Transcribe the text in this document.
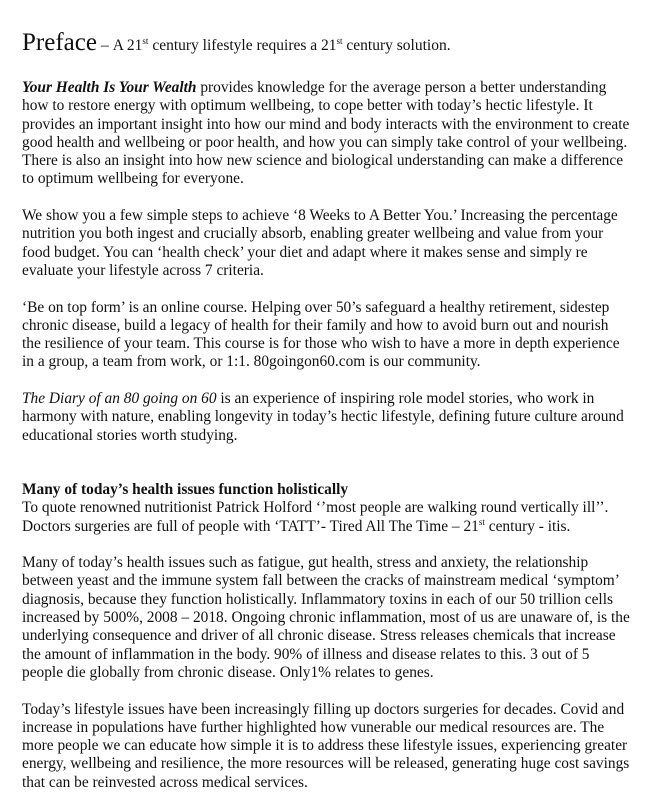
Preface – A 21st century lifestyle requires a 21st century solution.

Your Health Is Your Wealth provides knowledge for the average person a better understanding how to restore energy with optimum wellbeing, to cope better with today’s hectic lifestyle. It provides an important insight into how our mind and body interacts with the environment to create good health and wellbeing or poor health, and how you can simply take control of your wellbeing. There is also an insight into how new science and biological understanding can make a difference to optimum wellbeing for everyone.

We show you a few simple steps to achieve ‘8 Weeks to A Better You.’ Increasing the percentage nutrition you both ingest and crucially absorb, enabling greater wellbeing and value from your food budget. You can ‘health check’ your diet and adapt where it makes sense and simply re evaluate your lifestyle across 7 criteria.

‘Be on top form’ is an online course. Helping over 50’s safeguard a healthy retirement, sidestep chronic disease, build a legacy of health for their family and how to avoid burn out and nourish the resilience of your team. This course is for those who wish to have a more in depth experience in a group, a team from work, or 1:1. 80goingon60.com is our community.

The Diary of an 80 going on 60 is an experience of inspiring role model stories, who work in harmony with nature, enabling longevity in today’s hectic lifestyle, defining future culture around educational stories worth studying.

Many of today’s health issues function holistically

To quote renowned nutritionist Patrick Holford ‘’most people are walking round vertically ill’’. Doctors surgeries are full of people with ‘TATT’- Tired All The Time – 21st century - itis.

Many of today’s health issues such as fatigue, gut health, stress and anxiety, the relationship between yeast and the immune system fall between the cracks of mainstream medical ‘symptom’ diagnosis, because they function holistically. Inflammatory toxins in each of our 50 trillion cells increased by 500%, 2008 – 2018. Ongoing chronic inflammation, most of us are unaware of, is the underlying consequence and driver of all chronic disease. Stress releases chemicals that increase the amount of inflammation in the body. 90% of illness and disease relates to this. 3 out of 5 people die globally from chronic disease. Only1% relates to genes.

Today’s lifestyle issues have been increasingly filling up doctors surgeries for decades. Covid and increase in populations have further highlighted how vunerable our medical resources are. The more people we can educate how simple it is to address these lifestyle issues, experiencing greater energy, wellbeing and resilience, the more resources will be released, generating huge cost savings that can be reinvested across medical services.
